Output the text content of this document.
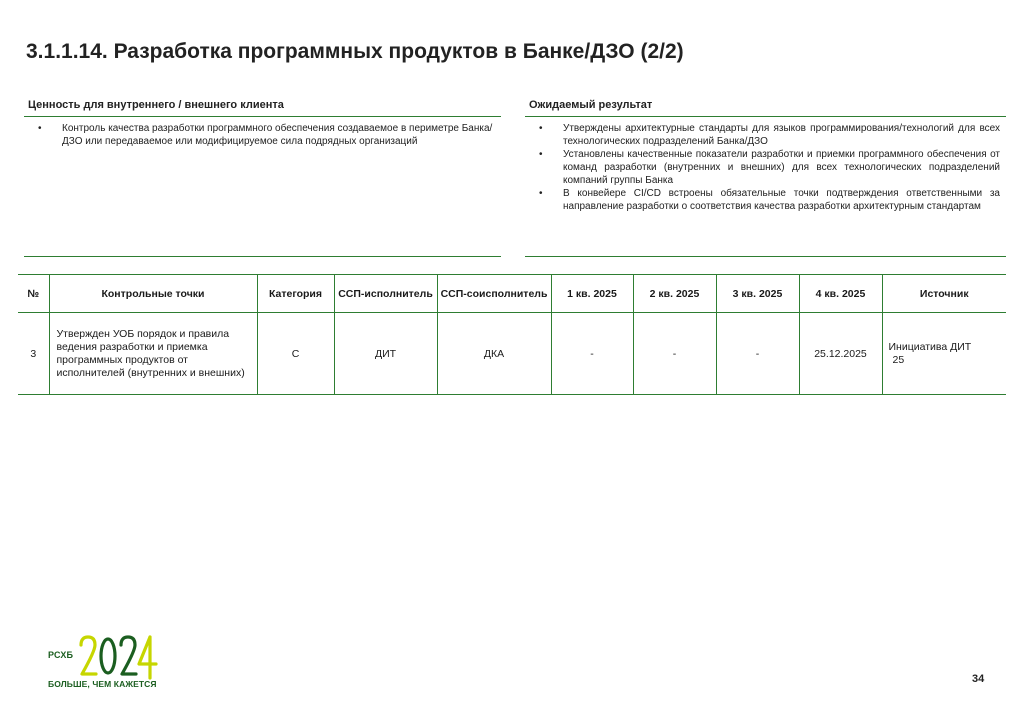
3.1.1.14. Разработка программных продуктов в Банке/ДЗО (2/2)
Ценность для внутреннего / внешнего клиента
• Контроль качества разработки программного обеспечения создаваемое в периметре Банка/ДЗО или передаваемое или модифицируемое сила подрядных организаций
Ожидаемый результат
• Утверждены архитектурные стандарты для языков программирования/технологий для всех технологических подразделений Банка/ДЗО
• Установлены качественные показатели разработки и приемки программного обеспечения от команд разработки (внутренних и внешних) для всех технологических подразделений компаний группы Банка
• В конвейере CI/CD встроены обязательные точки подтверждения ответственными за направление разработки о соответствия качества разработки архитектурным стандартам
№	Контрольные точки	Категория	ССП-исполнитель	ССП-соисполнитель	1 кв. 2025	2 кв. 2025	3 кв. 2025	4 кв. 2025	Источник
3	Утвержден УОБ порядок и правила ведения разработки и приемка программных продуктов от исполнителей (внутренних и внешних)	С	ДИТ	ДКА	-	-	-	25.12.2025	Инициатива ДИТ
25
РСХБ
БОЛЬШЕ, ЧЕМ КАЖЕТСЯ	34
